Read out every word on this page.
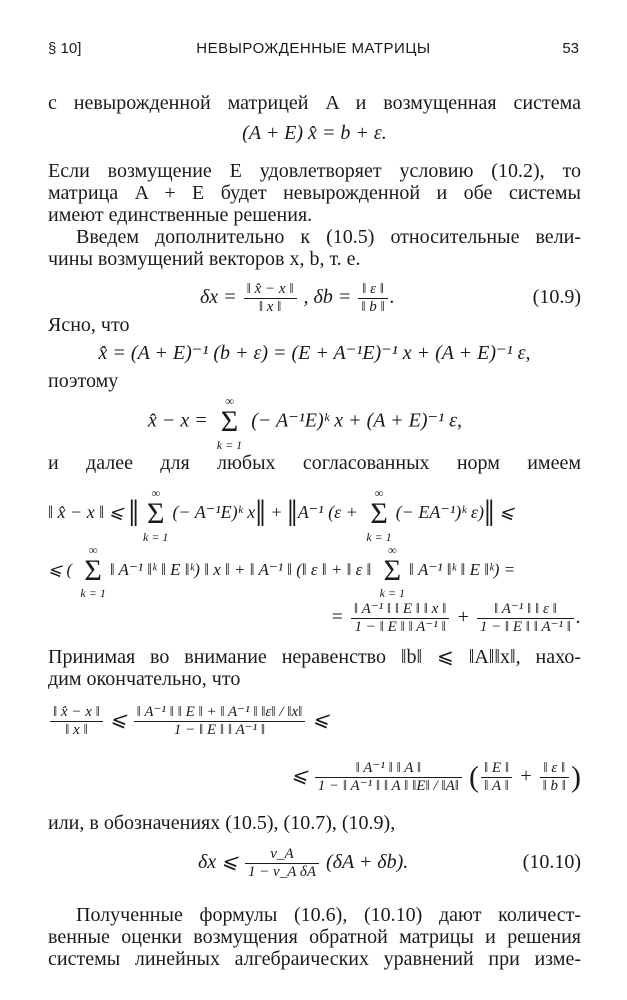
§ 10]	НЕВЫРОЖДЕННЫЕ МАТРИЦЫ	53
с невырожденной матрицей A и возмущенная система
(A + E) x̂ = b + ε.
Если возмущение E удовлетворяет условию (10.2), то
матрица A + E будет невырожденной и обе системы
имеют единственные решения.
Введем дополнительно к (10.5) относительные вели-
чины возмущений векторов x, b, т. е.
$\delta x = \frac{‖ x̂ - x ‖}{‖ x ‖}$ , $\delta b = \frac{‖ \varepsilon ‖}{‖ b ‖}$ .	(10.9)
Ясно, что
x̂ = (A + E)⁻¹ (b + ε) = (E + A⁻¹E)⁻¹ x + (A + E)⁻¹ ε,
поэтому
x̂ − x = ∞
Σ
k = 1 (− A⁻¹E)ᵏ x + (A + E)⁻¹ ε,
и далее для любых согласованных норм имеем
‖ x̂ − x ‖ ⩽ ‖ ∞
Σ
k = 1(− A⁻¹E)ᵏ x‖ + ‖A⁻¹ (ε + ∞
Σ
k = 1(− EA⁻¹)ᵏ ε)‖ ⩽
⩽ ( ∞
Σ
k = 1‖ A⁻¹ ‖ᵏ ‖ E ‖ᵏ) ‖ x ‖ + ‖ A⁻¹ ‖ (‖ ε ‖ + ‖ ε ‖ ∞
Σ
k = 1‖ A⁻¹ ‖ᵏ ‖ E ‖ᵏ) =
= $\frac{\text{‖ A⁻¹ ‖ ‖ E ‖ ‖ x ‖}}{\text{1 − ‖ E ‖ ‖ A⁻¹ ‖}} + \frac{\text{‖ A⁻¹ ‖ ‖ ε ‖}}{\text{1 − ‖ E ‖ ‖ A⁻¹ ‖}}$ .
Принимая во внимание неравенство ‖b‖ ⩽ ‖A‖‖x‖, нахо-
дим окончательно, что
$\frac{‖ x̂ - x ‖}{‖ x ‖}$ ⩽ $\frac{\text{‖ A⁻¹ ‖ ‖ E ‖ + ‖ A⁻¹ ‖ ‖ε‖ / ‖x‖}}{\text{1 − ‖ E ‖ ‖ A⁻¹ ‖}}$ ⩽
⩽ $\frac{\text{‖ A⁻¹ ‖ ‖ A ‖}}{\text{1 − ‖ A⁻¹ ‖ ‖ A ‖ ‖E‖ / ‖A‖}}$ ( $\frac{‖ E ‖}{‖ A ‖} + \frac{‖ \varepsilon ‖}{‖ b ‖}$ )
или, в обозначениях (10.5), (10.7), (10.9),
δx ⩽ $\frac{\nu\_A}{\text{1 − ν\_A δA}} (\delta A + \delta b)$.	(10.10)
Полученные формулы (10.6), (10.10) дают количест-
венные оценки возмущения обратной матрицы и решения
системы линейных алгебраических уравнений при изме-
